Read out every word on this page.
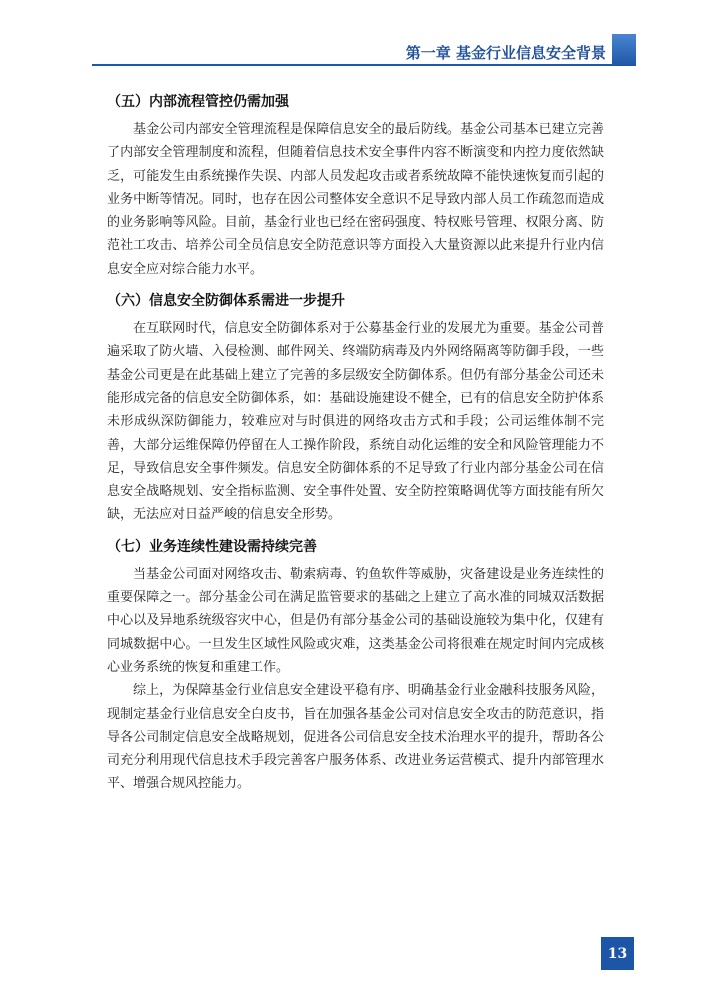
第一章 基金行业信息安全背景
（五）内部流程管控仍需加强

基金公司内部安全管理流程是保障信息安全的最后防线。基金公司基本已建立完善了内部安全管理制度和流程，但随着信息技术安全事件内容不断演变和内控力度依然缺乏，可能发生由系统操作失误、内部人员发起攻击或者系统故障不能快速恢复而引起的业务中断等情况。同时，也存在因公司整体安全意识不足导致内部人员工作疏忽而造成的业务影响等风险。目前，基金行业也已经在密码强度、特权账号管理、权限分离、防范社工攻击、培养公司全员信息安全防范意识等方面投入大量资源以此来提升行业内信息安全应对综合能力水平。

（六）信息安全防御体系需进一步提升

在互联网时代，信息安全防御体系对于公募基金行业的发展尤为重要。基金公司普遍采取了防火墙、入侵检测、邮件网关、终端防病毒及内外网络隔离等防御手段，一些基金公司更是在此基础上建立了完善的多层级安全防御体系。但仍有部分基金公司还未能形成完备的信息安全防御体系，如：基础设施建设不健全，已有的信息安全防护体系未形成纵深防御能力，较难应对与时俱进的网络攻击方式和手段；公司运维体制不完善，大部分运维保障仍停留在人工操作阶段，系统自动化运维的安全和风险管理能力不足，导致信息安全事件频发。信息安全防御体系的不足导致了行业内部分基金公司在信息安全战略规划、安全指标监测、安全事件处置、安全防控策略调优等方面技能有所欠缺，无法应对日益严峻的信息安全形势。

（七）业务连续性建设需持续完善

当基金公司面对网络攻击、勒索病毒、钓鱼软件等威胁，灾备建设是业务连续性的重要保障之一。部分基金公司在满足监管要求的基础之上建立了高水准的同城双活数据中心以及异地系统级容灾中心，但是仍有部分基金公司的基础设施较为集中化，仅建有同城数据中心。一旦发生区域性风险或灾难，这类基金公司将很难在规定时间内完成核心业务系统的恢复和重建工作。

综上，为保障基金行业信息安全建设平稳有序、明确基金行业金融科技服务风险，现制定基金行业信息安全白皮书，旨在加强各基金公司对信息安全攻击的防范意识，指导各公司制定信息安全战略规划，促进各公司信息安全技术治理水平的提升，帮助各公司充分利用现代信息技术手段完善客户服务体系、改进业务运营模式、提升内部管理水平、增强合规风控能力。

13
